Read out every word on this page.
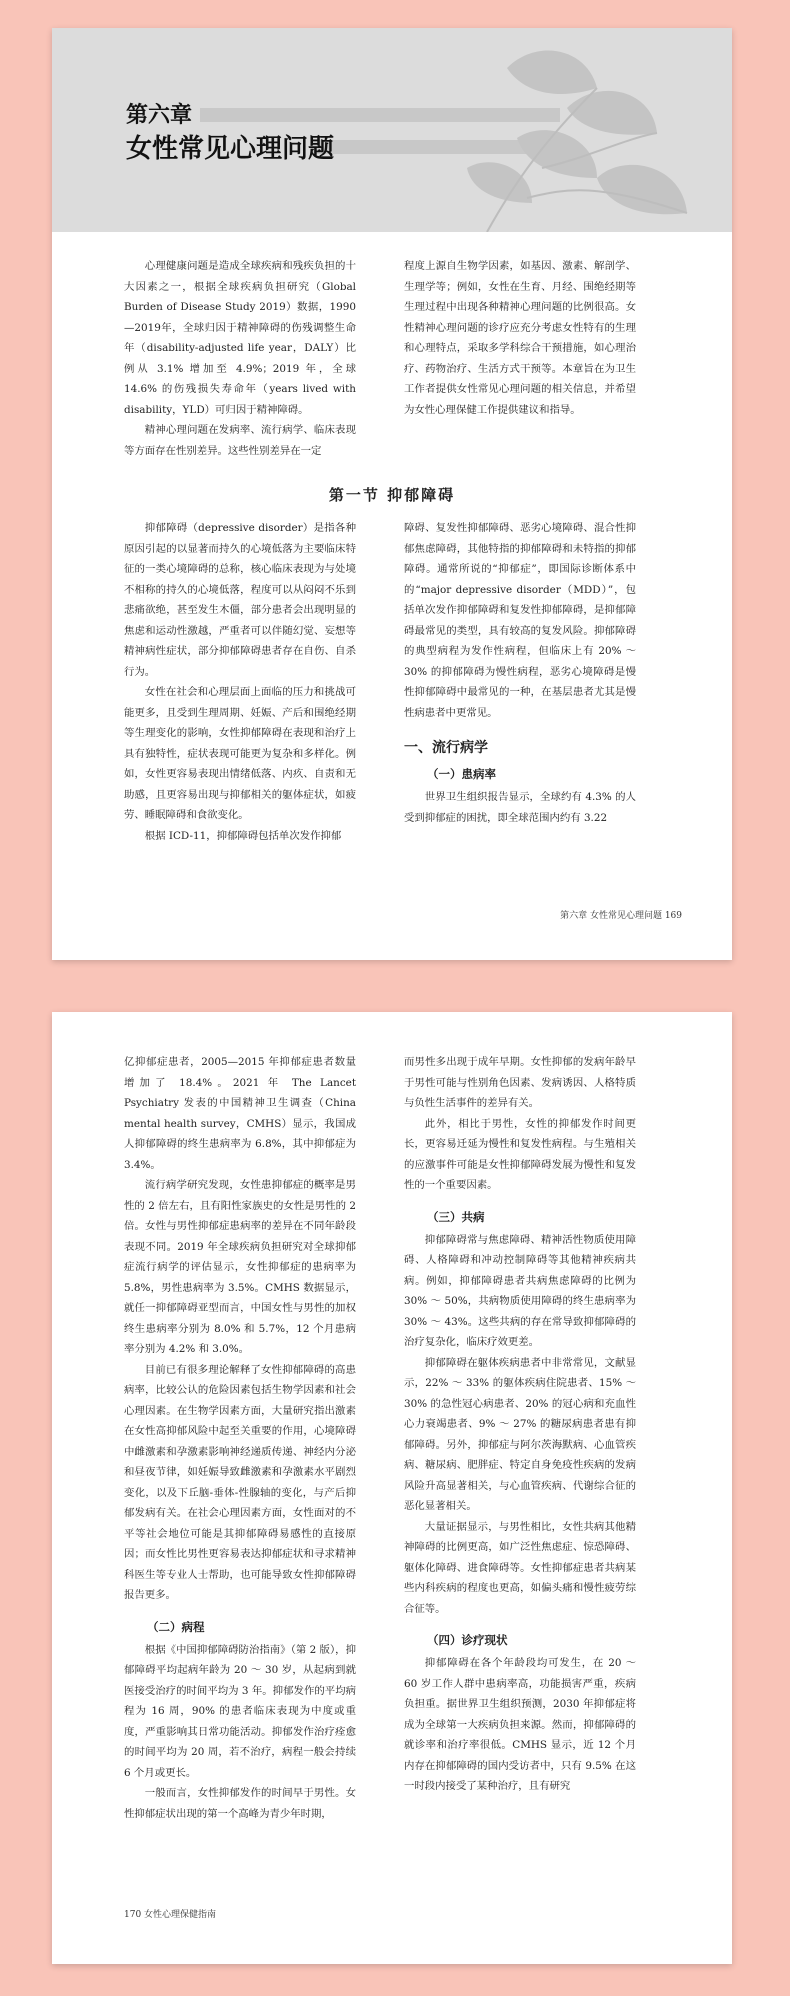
第六章
女性常见心理问题

心理健康问题是造成全球疾病和残疾负担的十大因素之一，根据全球疾病负担研究（Global Burden of Disease Study 2019）数据，1990—2019年，全球归因于精神障碍的伤残调整生命年（disability-adjusted life year，DALY）比例从 3.1% 增加至 4.9%；2019 年，全球 14.6% 的伤残损失寿命年（years lived with disability，YLD）可归因于精神障碍。

精神心理问题在发病率、流行病学、临床表现等方面存在性别差异。这些性别差异在一定

程度上源自生物学因素，如基因、激素、解剖学、生理学等；例如，女性在生育、月经、围绝经期等生理过程中出现各种精神心理问题的比例很高。女性精神心理问题的诊疗应充分考虑女性特有的生理和心理特点，采取多学科综合干预措施，如心理治疗、药物治疗、生活方式干预等。本章旨在为卫生工作者提供女性常见心理问题的相关信息，并希望为女性心理保健工作提供建议和指导。

第一节 抑郁障碍

抑郁障碍（depressive disorder）是指各种原因引起的以显著而持久的心境低落为主要临床特征的一类心境障碍的总称，核心临床表现为与处境不相称的持久的心境低落，程度可以从闷闷不乐到悲痛欲绝，甚至发生木僵，部分患者会出现明显的焦虑和运动性激越，严重者可以伴随幻觉、妄想等精神病性症状，部分抑郁障碍患者存在自伤、自杀行为。

女性在社会和心理层面上面临的压力和挑战可能更多，且受到生理周期、妊娠、产后和围绝经期等生理变化的影响，女性抑郁障碍在表现和治疗上具有独特性，症状表现可能更为复杂和多样化。例如，女性更容易表现出情绪低落、内疚、自责和无助感，且更容易出现与抑郁相关的躯体症状，如疲劳、睡眠障碍和食欲变化。

根据 ICD-11，抑郁障碍包括单次发作抑郁

障碍、复发性抑郁障碍、恶劣心境障碍、混合性抑郁焦虑障碍，其他特指的抑郁障碍和未特指的抑郁障碍。通常所说的“抑郁症”，即国际诊断体系中的“major depressive disorder（MDD）”，包括单次发作抑郁障碍和复发性抑郁障碍，是抑郁障碍最常见的类型，具有较高的复发风险。抑郁障碍的典型病程为发作性病程，但临床上有 20% ～ 30% 的抑郁障碍为慢性病程，恶劣心境障碍是慢性抑郁障碍中最常见的一种，在基层患者尤其是慢性病患者中更常见。

一、流行病学
（一）患病率

世界卫生组织报告显示，全球约有 4.3% 的人受到抑郁症的困扰，即全球范围内约有 3.22

第六章 女性常见心理问题 169

亿抑郁症患者，2005—2015 年抑郁症患者数量增加了 18.4%。2021 年 The Lancet Psychiatry 发表的中国精神卫生调查（China mental health survey，CMHS）显示，我国成人抑郁障碍的终生患病率为 6.8%，其中抑郁症为 3.4%。

流行病学研究发现，女性患抑郁症的概率是男性的 2 倍左右，且有阳性家族史的女性是男性的 2 倍。女性与男性抑郁症患病率的差异在不同年龄段表现不同。2019 年全球疾病负担研究对全球抑郁症流行病学的评估显示，女性抑郁症的患病率为 5.8%，男性患病率为 3.5%。CMHS 数据显示，就任一抑郁障碍亚型而言，中国女性与男性的加权终生患病率分别为 8.0% 和 5.7%，12 个月患病率分别为 4.2% 和 3.0%。

目前已有很多理论解释了女性抑郁障碍的高患病率，比较公认的危险因素包括生物学因素和社会心理因素。在生物学因素方面，大量研究指出激素在女性高抑郁风险中起至关重要的作用，心境障碍中雌激素和孕激素影响神经递质传递、神经内分泌和昼夜节律，如妊娠导致雌激素和孕激素水平剧烈变化，以及下丘脑-垂体-性腺轴的变化，与产后抑郁发病有关。在社会心理因素方面，女性面对的不平等社会地位可能是其抑郁障碍易感性的直接原因；而女性比男性更容易表达抑郁症状和寻求精神科医生等专业人士帮助，也可能导致女性抑郁障碍报告更多。

（二）病程

根据《中国抑郁障碍防治指南》（第 2 版），抑郁障碍平均起病年龄为 20 ～ 30 岁，从起病到就医接受治疗的时间平均为 3 年。抑郁发作的平均病程为 16 周，90% 的患者临床表现为中度或重度，严重影响其日常功能活动。抑郁发作治疗痊愈的时间平均为 20 周，若不治疗，病程一般会持续 6 个月或更长。

一般而言，女性抑郁发作的时间早于男性。女性抑郁症状出现的第一个高峰为青少年时期，

而男性多出现于成年早期。女性抑郁的发病年龄早于男性可能与性别角色因素、发病诱因、人格特质与负性生活事件的差异有关。

此外，相比于男性，女性的抑郁发作时间更长，更容易迁延为慢性和复发性病程。与生殖相关的应激事件可能是女性抑郁障碍发展为慢性和复发性的一个重要因素。

（三）共病

抑郁障碍常与焦虑障碍、精神活性物质使用障碍、人格障碍和冲动控制障碍等其他精神疾病共病。例如，抑郁障碍患者共病焦虑障碍的比例为 30% ～ 50%，共病物质使用障碍的终生患病率为 30% ～ 43%。这些共病的存在常导致抑郁障碍的治疗复杂化，临床疗效更差。

抑郁障碍在躯体疾病患者中非常常见，文献显示，22% ～ 33% 的躯体疾病住院患者、15% ～ 30% 的急性冠心病患者、20% 的冠心病和充血性心力衰竭患者、9% ～ 27% 的糖尿病患者患有抑郁障碍。另外，抑郁症与阿尔茨海默病、心血管疾病、糖尿病、肥胖症、特定自身免疫性疾病的发病风险升高显著相关，与心血管疾病、代谢综合征的恶化显著相关。

大量证据显示，与男性相比，女性共病其他精神障碍的比例更高，如广泛性焦虑症、惊恐障碍、躯体化障碍、进食障碍等。女性抑郁症患者共病某些内科疾病的程度也更高，如偏头痛和慢性疲劳综合征等。

（四）诊疗现状

抑郁障碍在各个年龄段均可发生，在 20 ～ 60 岁工作人群中患病率高，功能损害严重，疾病负担重。据世界卫生组织预测，2030 年抑郁症将成为全球第一大疾病负担来源。然而，抑郁障碍的就诊率和治疗率很低。CMHS 显示，近 12 个月内存在抑郁障碍的国内受访者中，只有 9.5% 在这一时段内接受了某种治疗，且有研究

170 女性心理保健指南
